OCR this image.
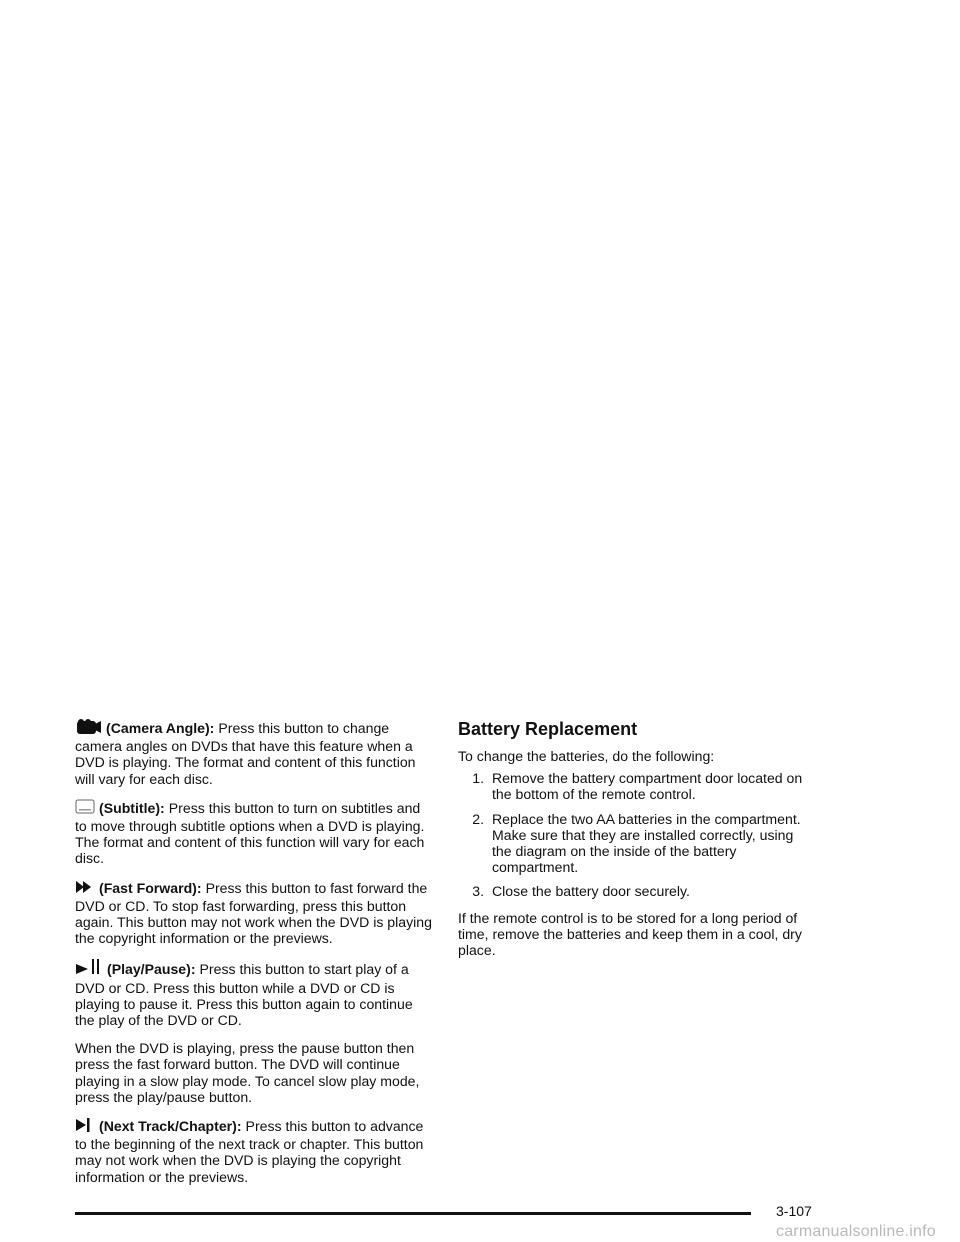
(Camera Angle): Press this button to change camera angles on DVDs that have this feature when a DVD is playing. The format and content of this function will vary for each disc.

(Subtitle): Press this button to turn on subtitles and to move through subtitle options when a DVD is playing. The format and content of this function will vary for each disc.

(Fast Forward): Press this button to fast forward the DVD or CD. To stop fast forwarding, press this button again. This button may not work when the DVD is playing the copyright information or the previews.

(Play/Pause): Press this button to start play of a DVD or CD. Press this button while a DVD or CD is playing to pause it. Press this button again to continue the play of the DVD or CD.

When the DVD is playing, press the pause button then press the fast forward button. The DVD will continue playing in a slow play mode. To cancel slow play mode, press the play/pause button.

(Next Track/Chapter): Press this button to advance to the beginning of the next track or chapter. This button may not work when the DVD is playing the copyright information or the previews.

Battery Replacement

To change the batteries, do the following:

1. Remove the battery compartment door located on the bottom of the remote control.
2. Replace the two AA batteries in the compartment. Make sure that they are installed correctly, using the diagram on the inside of the battery compartment.
3. Close the battery door securely.

If the remote control is to be stored for a long period of time, remove the batteries and keep them in a cool, dry place.

3-107
carmanualsonline.info
